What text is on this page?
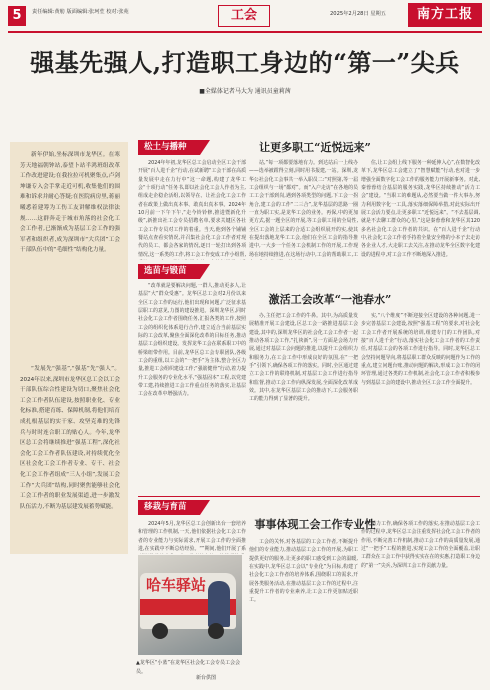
5	责任编辑:黄舫 版面编辑:张珂苼 校对:张苑	工会	2025年2月28日 星期五	南方工报
强基先强人,打造职工身边的“第一”尖兵
■全媒体记者马大为 通讯员童莉茜

新年伊始,坐标深圳市龙华区。在寒芳天地福朝钟站,泰望卜站半鸿班组改革 工作改进建设;在我拉拉可机聚集点,卢剑坤谦专入会手掌走近可机,收集他们的围难和诉求并耐心答疑;在医院病房里,蒋丽曦悉着建筹为工伤工友讲解维权法律法规……这群奔走于城市角落的社会化工会工作者,已渐渐成为基层工会工作的强军者和组织者,成为深圳市“大兵团”工会干部队伍中的“毛细性”结构化力量。

“发展先“强基”,“强基”先“强人”。2024年以来,深圳市龙华区总工会以工会干部队伍综合性建设为切口,聚焦社会化工会工作者队伍建设,按照职业化、专业化标准,搭建育练、保障机制,将他们培育成扎根基层的实干家、攻坚克难的先锋兵与时时连合职工的贴心人。今年,龙华区总工会将继续推进“强基工程”,深化社会化工会工作者队伍建设,对持续优化全区社会化工会工作者专业、专干、社会化工会工作者组成“三人小组”,发展工会工作“大兵团”结构,同时聚焦能够社会化工会工作者的职业发展渠道,进一步激发队伍活力,不断为基层建发展蓄势赋能。

松土与播种	让更多职工“近悦远来”
2024年年初,龙华区总工会启动全区工会干部开展“百人进千企”行动,在试新聘“工会干部在高质量发展中走在力行中”这一命题,构建了龙华工会“十项行动”任务书,即以社会化工会人作者为主,组成走企稳企活组,以领导在、让社会化工会工作者在政策上做出真本事、敢真出真本事。2024年10月前一下午下午,“走今铃铃修,推进暨新化升级”,新推出社工会专员招聘名单,要求关键区各社工会工作专员对工作的着重。当天,他到各个铺铺餐站点查看实情况,并召集社会化工会工作者对现代的员工、都会各家的情况,逐日一轮打出到各项情况,这一系类的工作,将工会工作变成工作小组帮,
站,”每一项都要落地有力。到达站后一上线办——选举被蹚得立刻,同时用书报建,一站。深圳,龙华公社会化工会事共一举入职员二:“对照第,等一届工会组织与一场“都对”。而“入户走访”在各地的员工工会干部到岗,遇到各项类型的问题,下工会一拐角合,建工会的工作“二三合”,龙华基层的思路一圈一直为职工实,是龙华工会的业务。再保,中的更加更方式,据一题全区的开展,等工会职工用的全局性,全区工会的上层来的合适工会组织展开的实,使其在提出落地龙华工工会,他们在全区工会的指导推进中,一大步一个任务工会机制工作的开展,工作现场在地持续推进,在这场行动中,工会的帮助职工,工
住,让工会组上线下服务一种延伸入心”,在数智化改革下,龙华区总工会建立了“智慧赋能”行动,也对进一步增强全面数字化工会工作的服务能力开展新事务。对此,秦蓉蓉结合基层的服务实践,龙华区持续推动“活力工会”建设。“当职工的难题从,必然要当做一件大事办,努力利用数字化一工具,落实落细保障举措,对此实际出开展工会活力要点,让更多职工“近悦远来”。“不去基层调,就是不去聊工群众的心里,”这是秦蓉蓉和龙华区其120多名社会化工会工作者的共识。在“百人进千企”行动中,社会化工会工作者手持着全量安全格的小本子去走访各企业人才,大走职工去关注,在推动龙华全区数字化建设的进程中,对工会工作不断地深入推进。
选苗与锻苗
激活工会改革“一池春水”
“改革就是要解决问题,一群人,推动更多人,让基层“大”群众受惠”。龙华区总工会对2月份以来全区工会工作的运行,他们出现和问题,广泛征求基层职工的意见,力图的建设推进。深圳龙华区,同时社会化工会工作者围绕任务,汇报各类的工作,按照工会的组织化体系进行合作,建立适合当前基层实际的工会改革,聚焦全面深化改革的目标任务,推动基层工会组织建设。发挥龙华工会在联系职工中的桥梁纽带作用。目前,龙华区总工会专职团队,各级工会的重组,以工会的“一把手”为主体,整合全区力量,推进工会组织建设工作;“强筋健骨”行动,着力提升工会服务的专业化水平,“强基固本”工程,以党建带工建,持续推进工会工作重点任务的落实,让基层工会在改革中增强活力。
办,主任把工会工作的牛鼻。其中,为高质量发展精准开展工会建设,区总工会一路推进基层工会建设,其中的,深圳龙华区的社会化工会工作者一起推动各项工会工作,“扎袂新”,另一方面是会场力开展,通过对基层工会问题的推进,以提升工会组织力和服务力,在工会工作中形成良好的氛围,在“一把手”引领下,确保各项工作的落实。同时,全区通过建立工会工作的联络机制,对基层工会工作进行指导和监督,推动工会工作向纵深发展,全面深化改革成效。其中,在龙华区基层工会的推动下,工会服务职工的能力得到了显著的提升。
实,“八个维度”不断迎接全区建设的各种问题,进一步完善基层工会建设,按照“强基工程”的要求,对社会化工会工作者开展系统的培训,组建专门的工作团队,对接“百人进千企”行动,落实社会化工会工作者的工作责任,对基层工会的各项工作进行指导。同时,龙华区总工会坚持问题导向,将基层职工群众反映的问题作为工作的重点,建立问题台账,推动问题的解决,形成工会工作的闭环管理,通过各类的工作机制,社会化工会工作者积极参与到基层工会的建设中,推动全区工会工作全面提升。
移栽与育苗
事事体现工会工作专业性
2024年5月,龙华区总工会创新出台一套培养和管理的工作机制,一天,他们依据社会化工会工作者的专业能力与实际需求,开展工会工作的全面推进,在实践中不断总结经验。“”期间,他们开展了系
工会的关怀,对各基层的工会工作者,不断提升他们的专业能力,推动基层工会工作的开展,为职工提供更好的服务,让更多的职工感受到工会的温暖,在实践中,龙华区总工会以“专业化”为目标,构建了社会化工会工作者的培养体系,围绕职工的需求,开展各类服务活动,在推动基层工会工作的过程中,注重提升工作者的专业素养,让工会工作更加贴近职工。
精力工作,确保各项工作的落实,在推动基层工会工作的过程中,龙华区总工会注重发挥社会化工会工作者的作用,不断完善工作机制,推动工会工作的高质量发展,通过“一把手”工程的推进,实现工会工作的全面覆盖,让职工群众在工会工作中获得实实在在的实惠,打造职工身边的“第一”尖兵,为深圳工会工作贡献力量。
哈车驿站
▲龙华区“小蓝”在龙华区社会化工会专员工会会员。
新台供图
